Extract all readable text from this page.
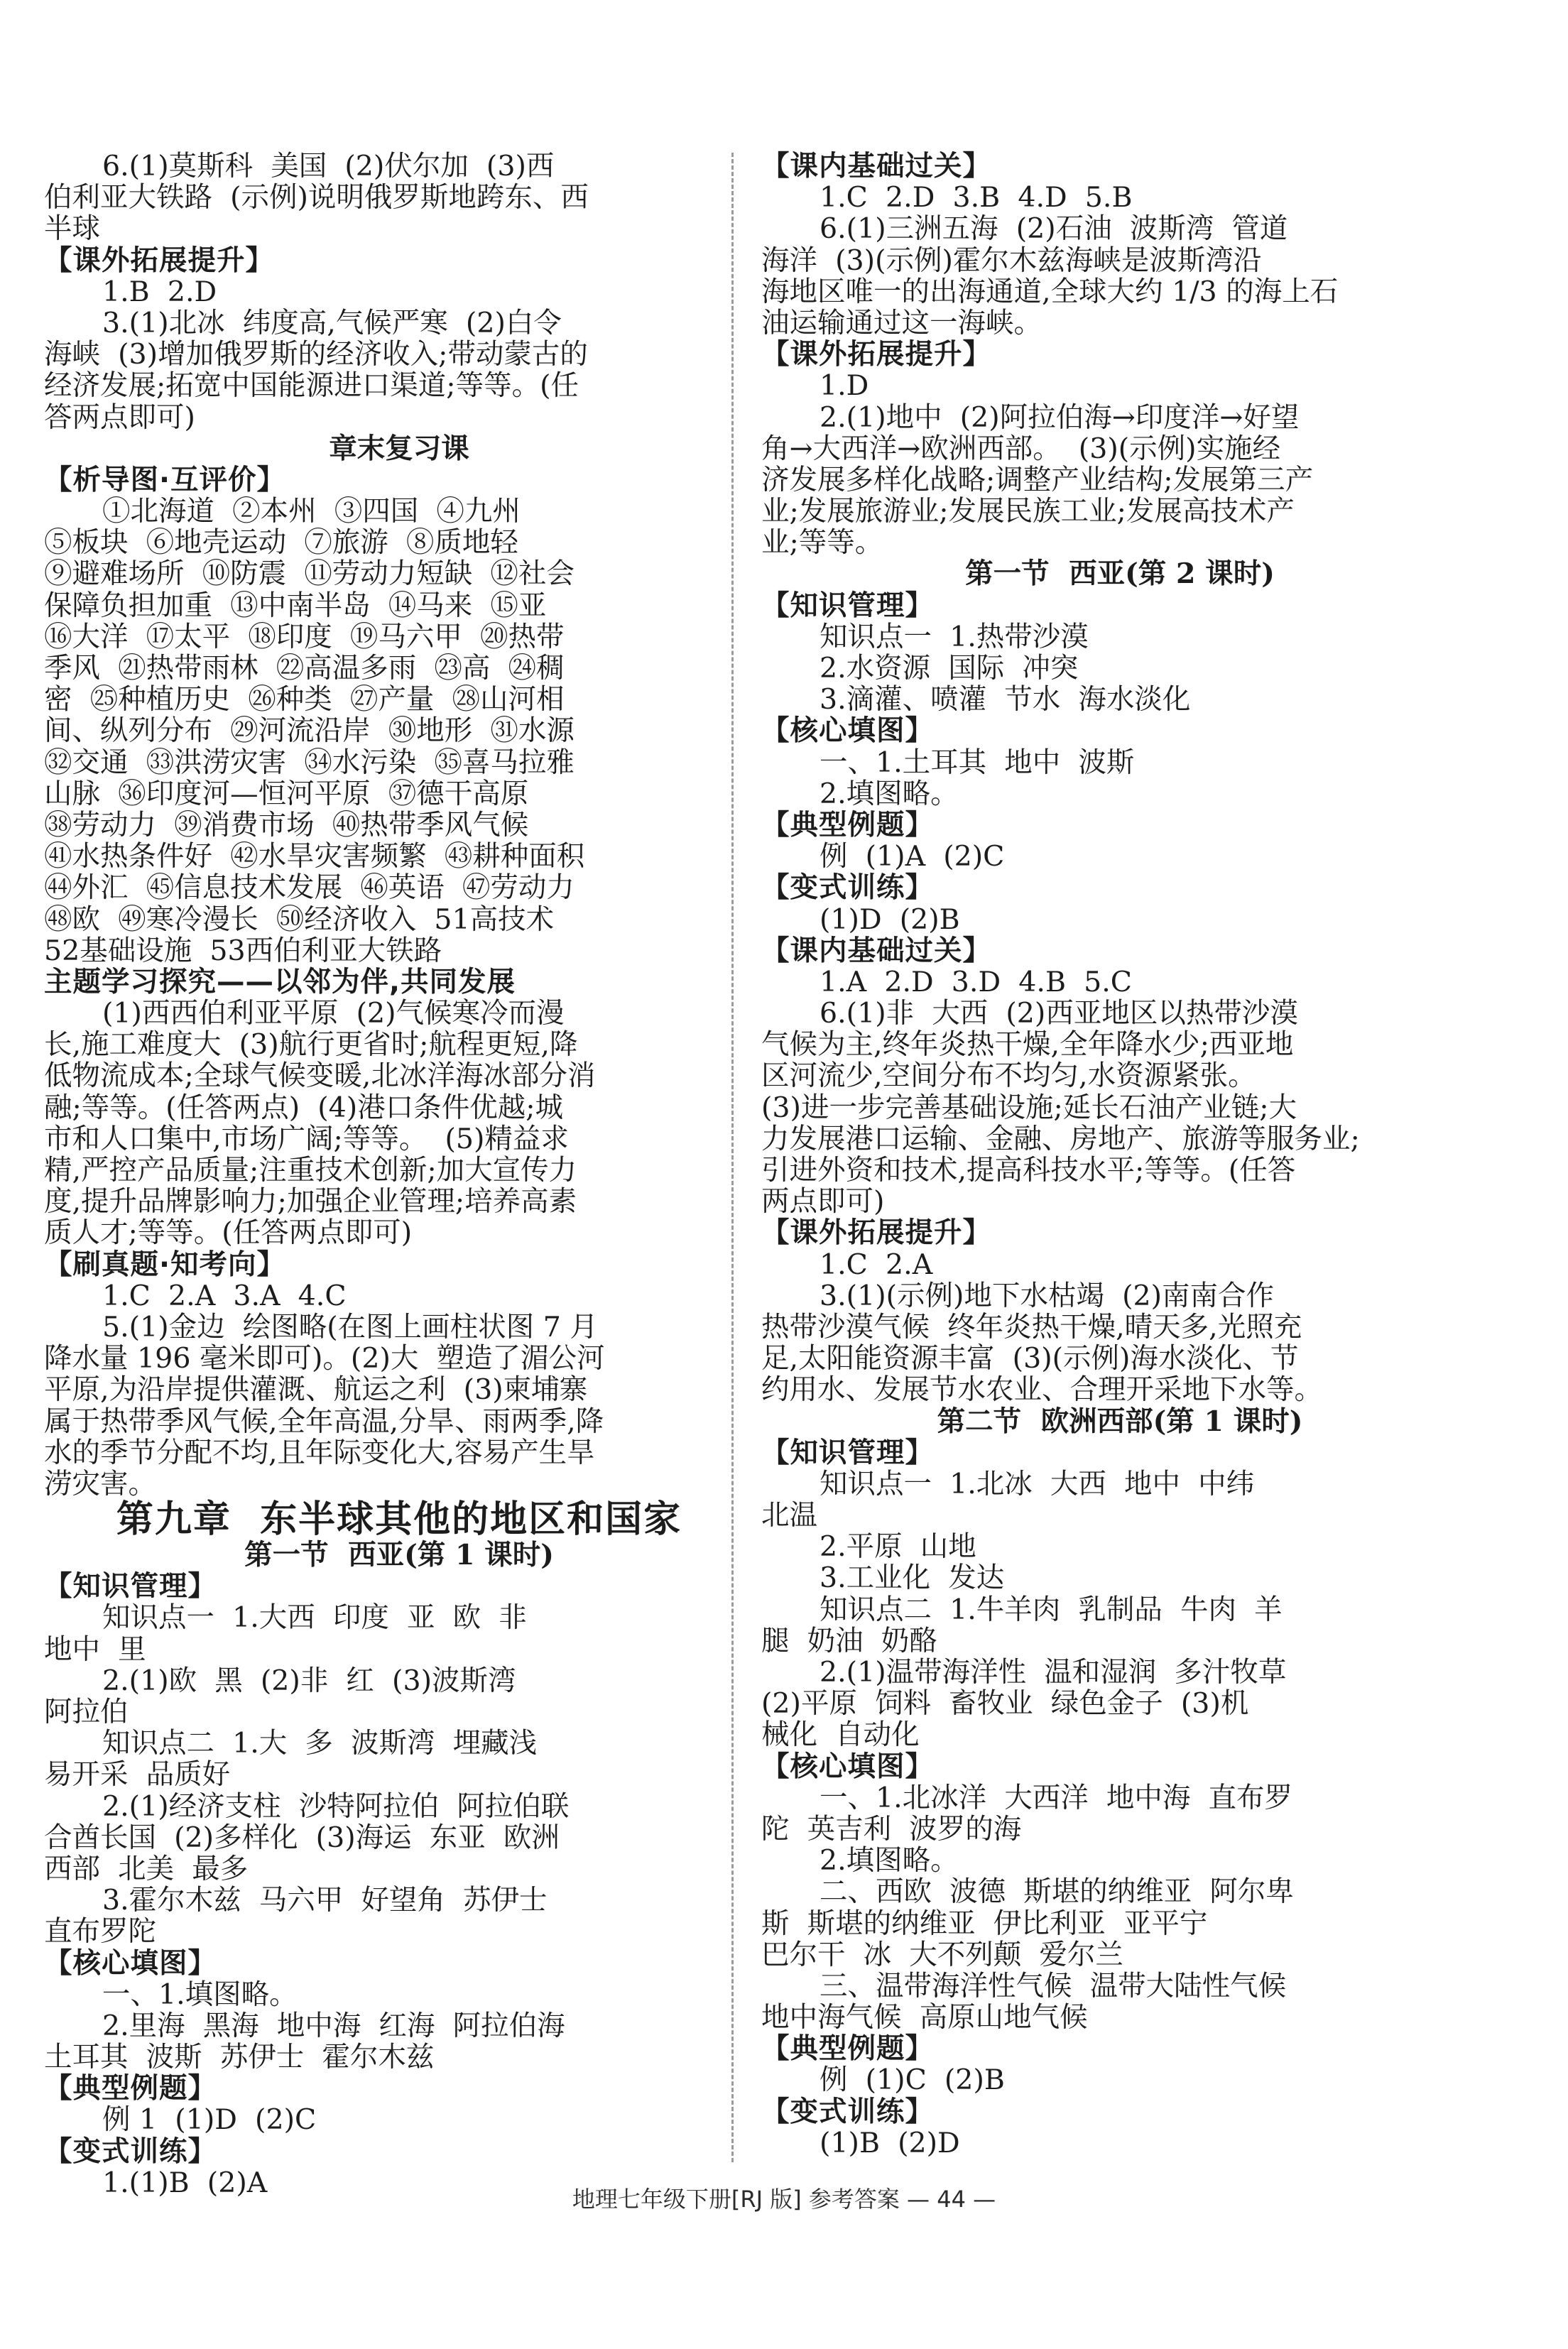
6.(1)莫斯科  美国  (2)伏尔加  (3)西
伯利亚大铁路  (示例)说明俄罗斯地跨东、西
半球
【课外拓展提升】
1.B  2.D
3.(1)北冰  纬度高,气候严寒  (2)白令
海峡  (3)增加俄罗斯的经济收入;带动蒙古的
经济发展;拓宽中国能源进口渠道;等等。(任
答两点即可)
章末复习课
【析导图·互评价】
①北海道  ②本州  ③四国  ④九州
⑤板块  ⑥地壳运动  ⑦旅游  ⑧质地轻
⑨避难场所  ⑩防震  ⑪劳动力短缺  ⑫社会
保障负担加重  ⑬中南半岛  ⑭马来  ⑮亚
⑯大洋  ⑰太平  ⑱印度  ⑲马六甲  ⑳热带
季风  ㉑热带雨林  ㉒高温多雨  ㉓高  ㉔稠
密  ㉕种植历史  ㉖种类  ㉗产量  ㉘山河相
间、纵列分布  ㉙河流沿岸  ㉚地形  ㉛水源
㉜交通  ㉝洪涝灾害  ㉞水污染  ㉟喜马拉雅
山脉  ㊱印度河—恒河平原  ㊲德干高原
㊳劳动力  ㊴消费市场  ㊵热带季风气候
㊶水热条件好  ㊷水旱灾害频繁  ㊸耕种面积
㊹外汇  ㊺信息技术发展  ㊻英语  ㊼劳动力
㊽欧  ㊾寒冷漫长  ㊿经济收入  51高技术
52基础设施  53西伯利亚大铁路
主题学习探究——以邻为伴,共同发展
(1)西西伯利亚平原  (2)气候寒冷而漫
长,施工难度大  (3)航行更省时;航程更短,降
低物流成本;全球气候变暖,北冰洋海冰部分消
融;等等。(任答两点)  (4)港口条件优越;城
市和人口集中,市场广阔;等等。  (5)精益求
精,严控产品质量;注重技术创新;加大宣传力
度,提升品牌影响力;加强企业管理;培养高素
质人才;等等。(任答两点即可)
【刷真题·知考向】
1.C  2.A  3.A  4.C
5.(1)金边  绘图略(在图上画柱状图 7 月
降水量 196 毫米即可)。(2)大  塑造了湄公河
平原,为沿岸提供灌溉、航运之利  (3)柬埔寨
属于热带季风气候,全年高温,分旱、雨两季,降
水的季节分配不均,且年际变化大,容易产生旱
涝灾害。
第九章  东半球其他的地区和国家
第一节  西亚(第 1 课时)
【知识管理】
知识点一  1.大西  印度  亚  欧  非
地中  里
2.(1)欧  黑  (2)非  红  (3)波斯湾
阿拉伯
知识点二  1.大  多  波斯湾  埋藏浅
易开采  品质好
2.(1)经济支柱  沙特阿拉伯  阿拉伯联
合酋长国  (2)多样化  (3)海运  东亚  欧洲
西部  北美  最多
3.霍尔木兹  马六甲  好望角  苏伊士
直布罗陀
【核心填图】
一、1.填图略。
2.里海  黑海  地中海  红海  阿拉伯海
土耳其  波斯  苏伊士  霍尔木兹
【典型例题】
例 1  (1)D  (2)C
【变式训练】
1.(1)B  (2)A
【课内基础过关】
1.C  2.D  3.B  4.D  5.B
6.(1)三洲五海  (2)石油  波斯湾  管道
海洋  (3)(示例)霍尔木兹海峡是波斯湾沿
海地区唯一的出海通道,全球大约 1/3 的海上石
油运输通过这一海峡。
【课外拓展提升】
1.D
2.(1)地中  (2)阿拉伯海→印度洋→好望
角→大西洋→欧洲西部。  (3)(示例)实施经
济发展多样化战略;调整产业结构;发展第三产
业;发展旅游业;发展民族工业;发展高技术产
业;等等。
第一节  西亚(第 2 课时)
【知识管理】
知识点一  1.热带沙漠
2.水资源  国际  冲突
3.滴灌、喷灌  节水  海水淡化
【核心填图】
一、1.土耳其  地中  波斯
2.填图略。
【典型例题】
例  (1)A  (2)C
【变式训练】
(1)D  (2)B
【课内基础过关】
1.A  2.D  3.D  4.B  5.C
6.(1)非  大西  (2)西亚地区以热带沙漠
气候为主,终年炎热干燥,全年降水少;西亚地
区河流少,空间分布不均匀,水资源紧张。
(3)进一步完善基础设施;延长石油产业链;大
力发展港口运输、金融、房地产、旅游等服务业;
引进外资和技术,提高科技水平;等等。(任答
两点即可)
【课外拓展提升】
1.C  2.A
3.(1)(示例)地下水枯竭  (2)南南合作
热带沙漠气候  终年炎热干燥,晴天多,光照充
足,太阳能资源丰富  (3)(示例)海水淡化、节
约用水、发展节水农业、合理开采地下水等。
第二节  欧洲西部(第 1 课时)
【知识管理】
知识点一  1.北冰  大西  地中  中纬
北温
2.平原  山地
3.工业化  发达
知识点二  1.牛羊肉  乳制品  牛肉  羊
腿  奶油  奶酪
2.(1)温带海洋性  温和湿润  多汁牧草
(2)平原  饲料  畜牧业  绿色金子  (3)机
械化  自动化
【核心填图】
一、1.北冰洋  大西洋  地中海  直布罗
陀  英吉利  波罗的海
2.填图略。
二、西欧  波德  斯堪的纳维亚  阿尔卑
斯  斯堪的纳维亚  伊比利亚  亚平宁
巴尔干  冰  大不列颠  爱尔兰
三、温带海洋性气候  温带大陆性气候
地中海气候  高原山地气候
【典型例题】
例  (1)C  (2)B
【变式训练】
(1)B  (2)D
地理七年级下册[RJ 版] 参考答案 — 44 —
